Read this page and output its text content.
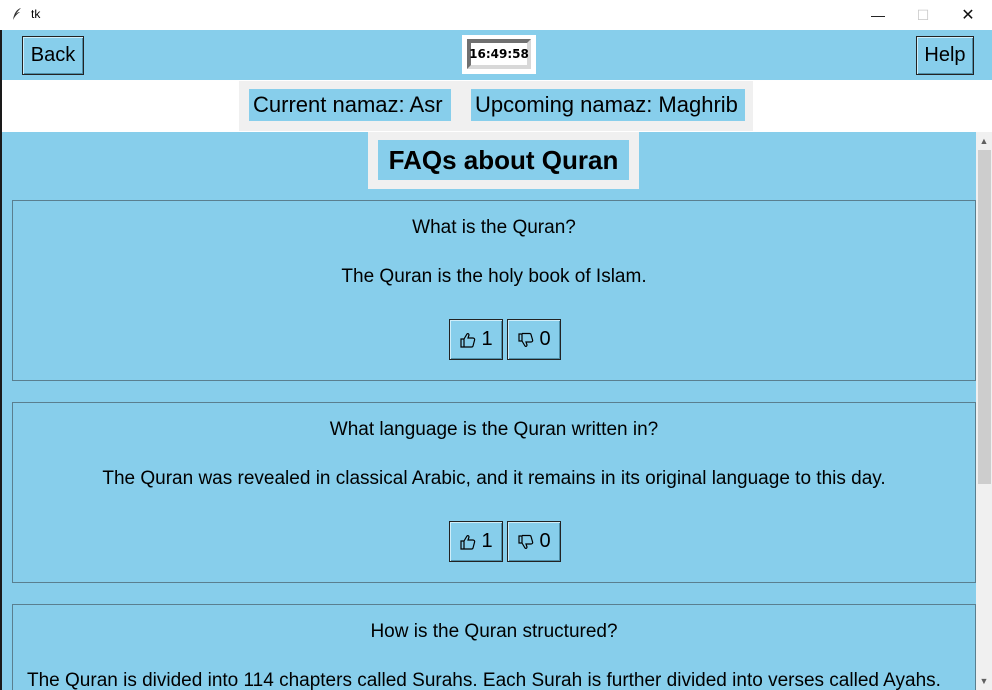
tk	—	☐	✕
Back	16:49:58	Help
Current namaz: Asr	Upcoming namaz: Maghrib
FAQs about Quran
What is the Quran?
The Quran is the holy book of Islam.
1 0
What language is the Quran written in?
The Quran was revealed in classical Arabic, and it remains in its original language to this day.
1 0
How is the Quran structured?
The Quran is divided into 114 chapters called Surahs. Each Surah is further divided into verses called Ayahs.
▲
▼
